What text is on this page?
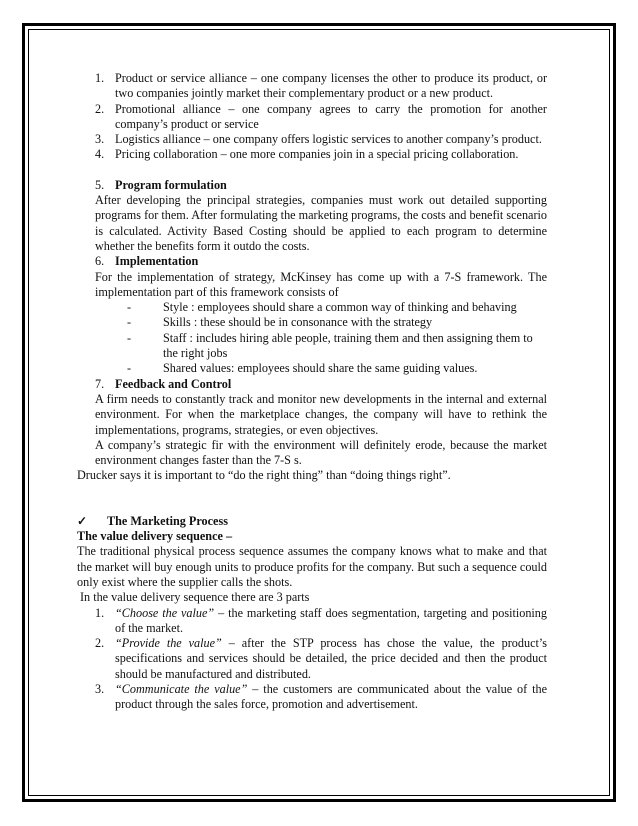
1. Product or service alliance – one company licenses the other to produce its product, or two companies jointly market their complementary product or a new product.
2. Promotional alliance – one company agrees to carry the promotion for another company’s product or service
3. Logistics alliance – one company offers logistic services to another company’s product.
4. Pricing collaboration – one more companies join in a special pricing collaboration.
5. Program formulation
After developing the principal strategies, companies must work out detailed supporting programs for them. After formulating the marketing programs, the costs and benefit scenario is calculated. Activity Based Costing should be applied to each program to determine whether the benefits form it outdo the costs.
6. Implementation
For the implementation of strategy, McKinsey has come up with a 7-S framework. The implementation part of this framework consists of
-	Style : employees should share a common way of thinking and behaving
-	Skills : these should be in consonance with the strategy
-	Staff : includes hiring able people, training them and then assigning them to the right jobs
-	Shared values: employees should share the same guiding values.
7. Feedback and Control
A firm needs to constantly track and monitor new developments in the internal and external environment. For when the marketplace changes, the company will have to rethink the implementations, programs, strategies, or even objectives.
A company’s strategic fir with the environment will definitely erode, because the market environment changes faster than the 7-S s.
Drucker says it is important to “do the right thing” than “doing things right”.
✓	The Marketing Process
The value delivery sequence –
The traditional physical process sequence assumes the company knows what to make and that the market will buy enough units to produce profits for the company. But such a sequence could only exist where the supplier calls the shots.
In the value delivery sequence there are 3 parts
1. “Choose the value” – the marketing staff does segmentation, targeting and positioning of the market.
2. “Provide the value” – after the STP process has chose the value, the product’s specifications and services should be detailed, the price decided and then the product should be manufactured and distributed.
3. “Communicate the value” – the customers are communicated about the value of the product through the sales force, promotion and advertisement.
